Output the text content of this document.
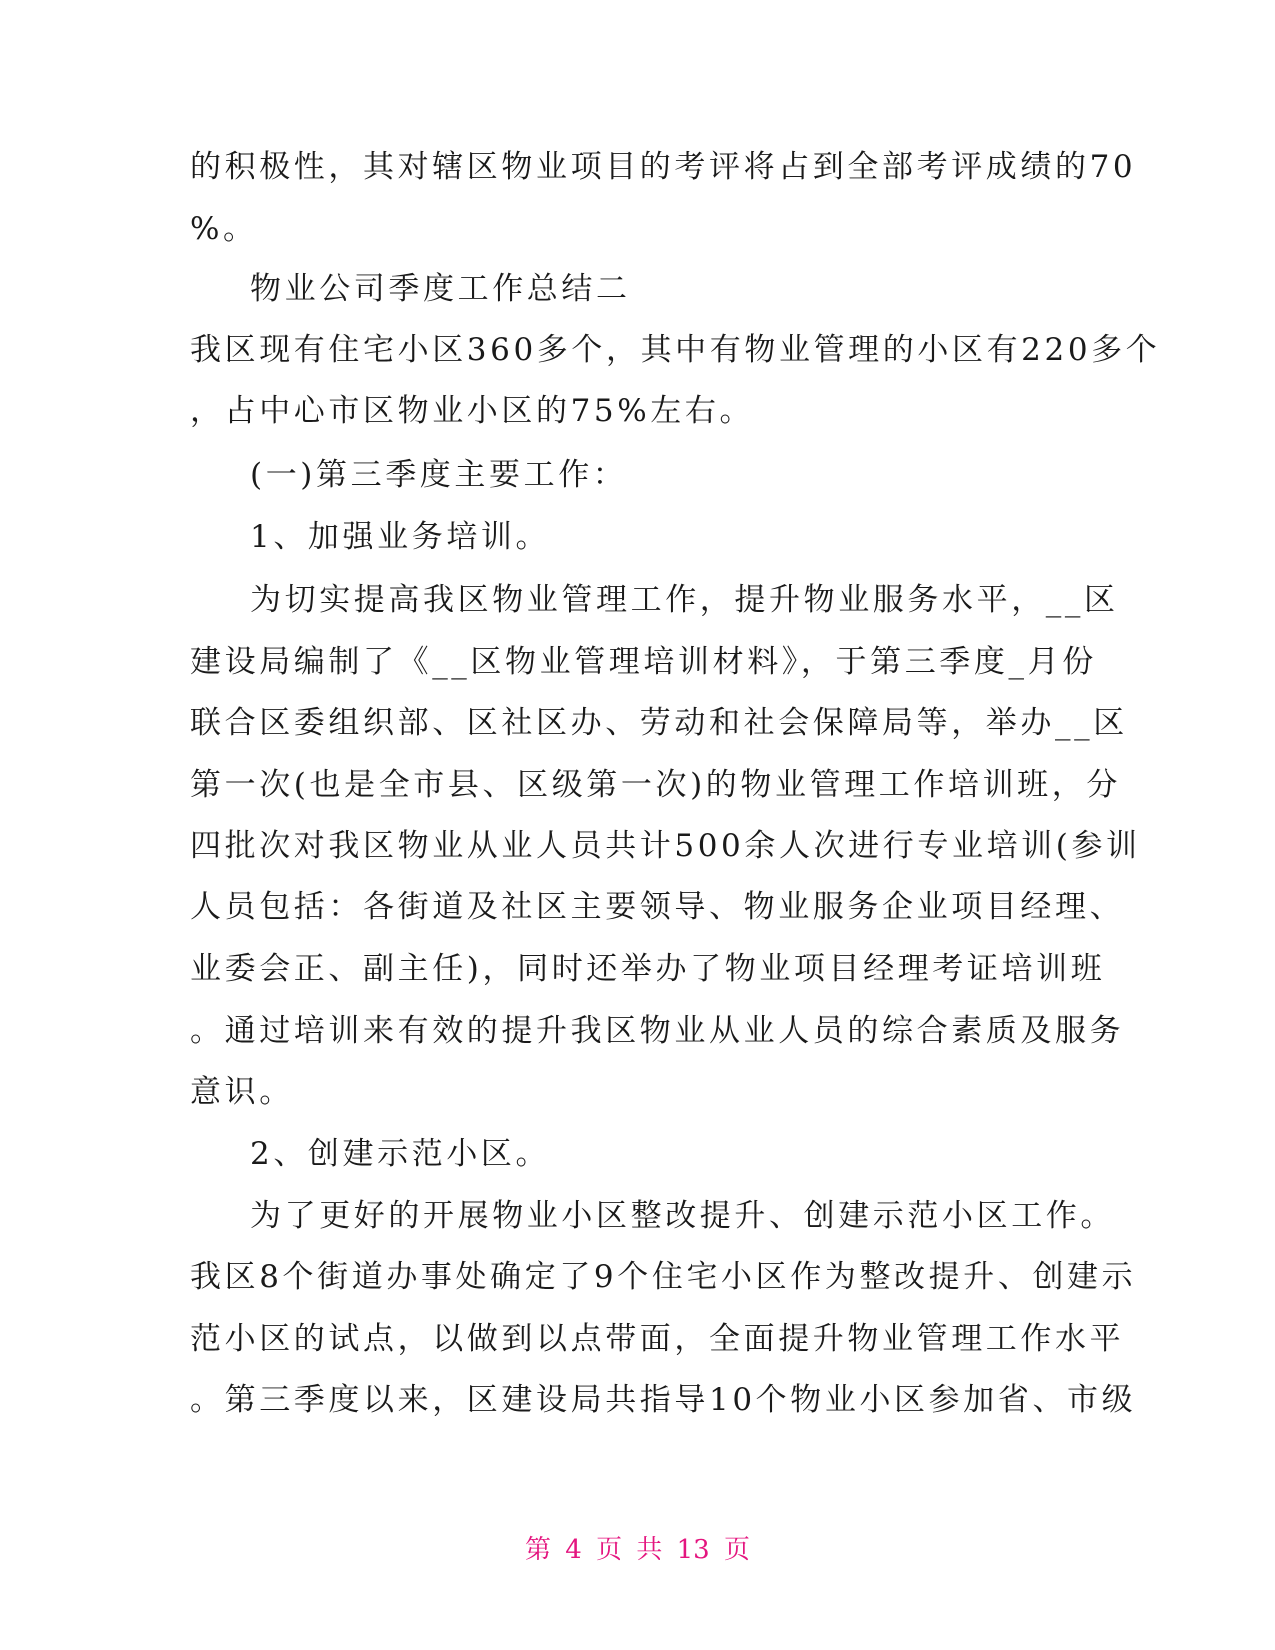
的积极性，其对辖区物业项目的考评将占到全部考评成绩的70
%。
物业公司季度工作总结二
我区现有住宅小区360多个，其中有物业管理的小区有220多个
，占中心市区物业小区的75%左右。
(一)第三季度主要工作：
1、加强业务培训。
为切实提高我区物业管理工作，提升物业服务水平，__区
建设局编制了《__区物业管理培训材料》，于第三季度_月份
联合区委组织部、区社区办、劳动和社会保障局等，举办__区
第一次(也是全市县、区级第一次)的物业管理工作培训班，分
四批次对我区物业从业人员共计500余人次进行专业培训(参训
人员包括：各街道及社区主要领导、物业服务企业项目经理、
业委会正、副主任)，同时还举办了物业项目经理考证培训班
。通过培训来有效的提升我区物业从业人员的综合素质及服务
意识。
2、创建示范小区。
为了更好的开展物业小区整改提升、创建示范小区工作。
我区8个街道办事处确定了9个住宅小区作为整改提升、创建示
范小区的试点，以做到以点带面，全面提升物业管理工作水平
。第三季度以来，区建设局共指导10个物业小区参加省、市级
第 4 页 共 13 页
